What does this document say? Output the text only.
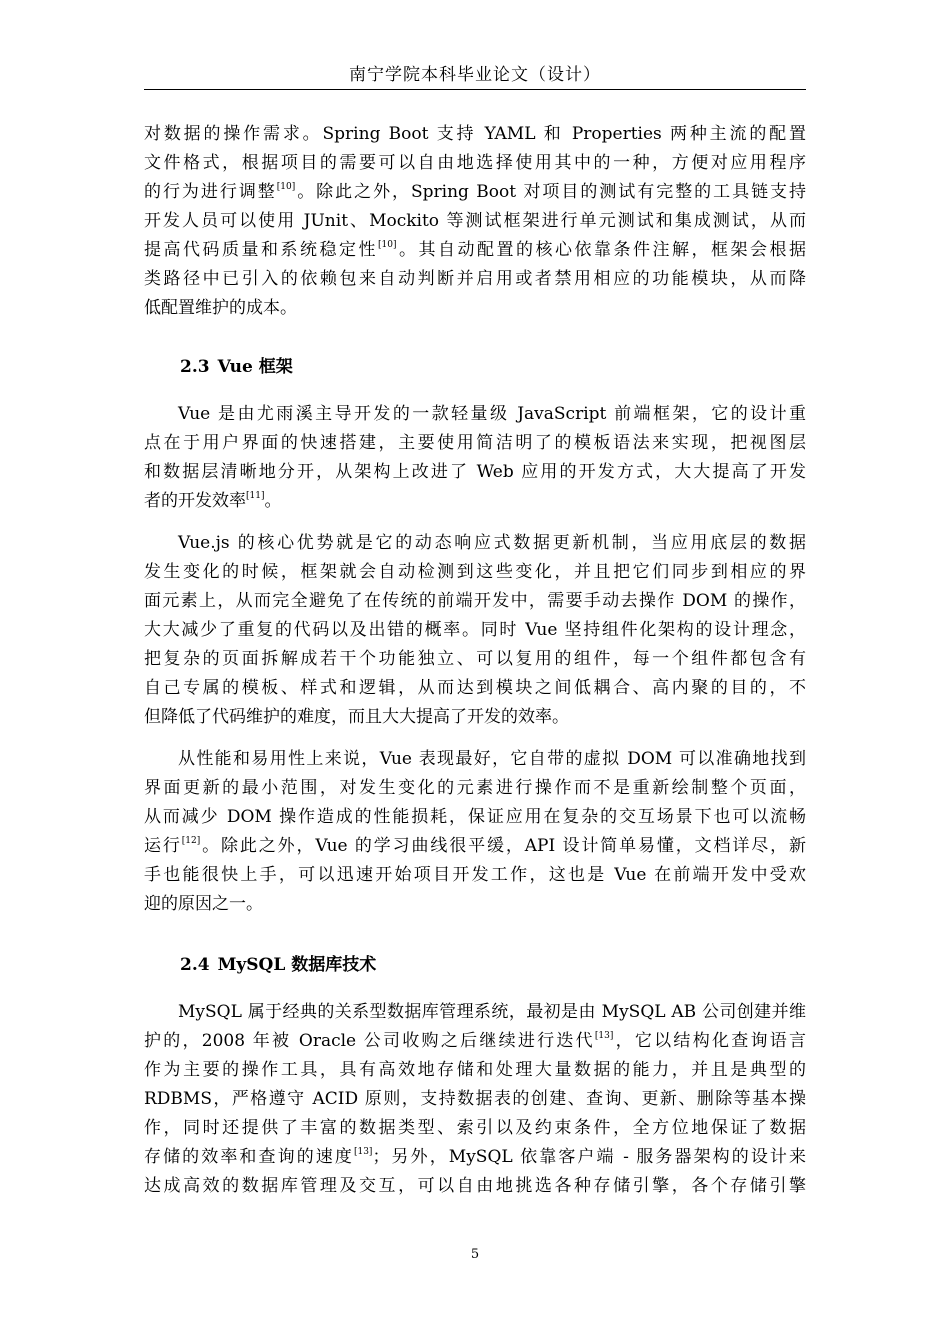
南宁学院本科毕业论文（设计）
对数据的操作需求。Spring Boot 支持 YAML 和 Properties 两种主流的配置
文件格式，根据项目的需要可以自由地选择使用其中的一种，方便对应用程序
的行为进行调整[10]。除此之外，Spring Boot 对项目的测试有完整的工具链支持
开发人员可以使用 JUnit、Mockito 等测试框架进行单元测试和集成测试，从而
提高代码质量和系统稳定性[10]。其自动配置的核心依靠条件注解，框架会根据
类路径中已引入的依赖包来自动判断并启用或者禁用相应的功能模块，从而降
低配置维护的成本。
2.3 Vue 框架
Vue 是由尤雨溪主导开发的一款轻量级 JavaScript 前端框架，它的设计重
点在于用户界面的快速搭建，主要使用简洁明了的模板语法来实现，把视图层
和数据层清晰地分开，从架构上改进了 Web 应用的开发方式，大大提高了开发
者的开发效率[11]。
Vue.js 的核心优势就是它的动态响应式数据更新机制，当应用底层的数据
发生变化的时候，框架就会自动检测到这些变化，并且把它们同步到相应的界
面元素上，从而完全避免了在传统的前端开发中，需要手动去操作 DOM 的操作，
大大减少了重复的代码以及出错的概率。同时 Vue 坚持组件化架构的设计理念，
把复杂的页面拆解成若干个功能独立、可以复用的组件，每一个组件都包含有
自己专属的模板、样式和逻辑，从而达到模块之间低耦合、高内聚的目的，不
但降低了代码维护的难度，而且大大提高了开发的效率。
从性能和易用性上来说，Vue 表现最好，它自带的虚拟 DOM 可以准确地找到
界面更新的最小范围，对发生变化的元素进行操作而不是重新绘制整个页面，
从而减少 DOM 操作造成的性能损耗，保证应用在复杂的交互场景下也可以流畅
运行[12]。除此之外，Vue 的学习曲线很平缓，API 设计简单易懂，文档详尽，新
手也能很快上手，可以迅速开始项目开发工作，这也是 Vue 在前端开发中受欢
迎的原因之一。
2.4 MySQL 数据库技术
MySQL 属于经典的关系型数据库管理系统，最初是由 MySQL AB 公司创建并维
护的，2008 年被 Oracle 公司收购之后继续进行迭代[13]，它以结构化查询语言
作为主要的操作工具，具有高效地存储和处理大量数据的能力，并且是典型的
RDBMS，严格遵守 ACID 原则，支持数据表的创建、查询、更新、删除等基本操
作，同时还提供了丰富的数据类型、索引以及约束条件，全方位地保证了数据
存储的效率和查询的速度[13]；另外，MySQL 依靠客户端 - 服务器架构的设计来
达成高效的数据库管理及交互，可以自由地挑选各种存储引擎，各个存储引擎
5
